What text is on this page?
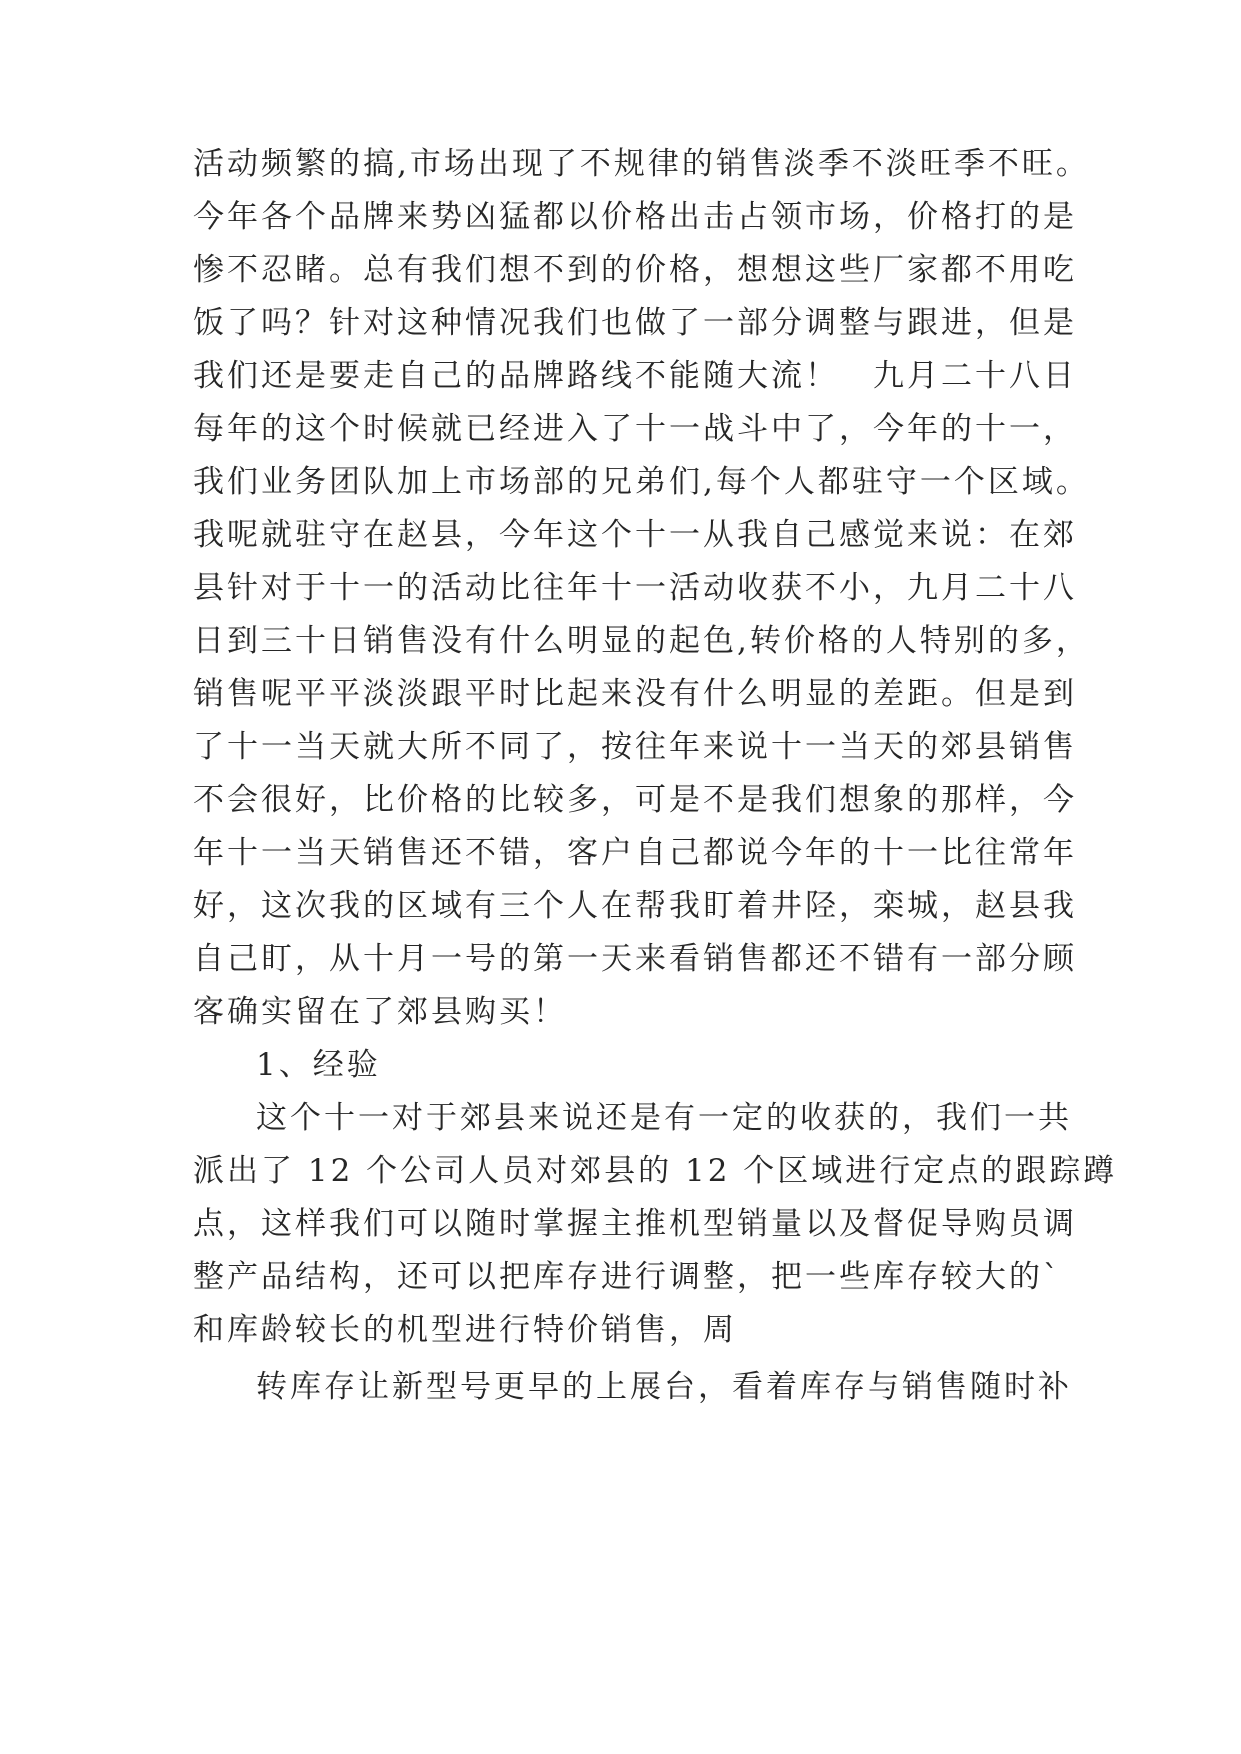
活动频繁的搞,市场出现了不规律的销售淡季不淡旺季不旺。
今年各个品牌来势凶猛都以价格出击占领市场，价格打的是
惨不忍睹。总有我们想不到的价格，想想这些厂家都不用吃
饭了吗？针对这种情况我们也做了一部分调整与跟进，但是
我们还是要走自己的品牌路线不能随大流！　九月二十八日
每年的这个时候就已经进入了十一战斗中了，今年的十一，
我们业务团队加上市场部的兄弟们,每个人都驻守一个区域。
我呢就驻守在赵县，今年这个十一从我自己感觉来说：在郊
县针对于十一的活动比往年十一活动收获不小，九月二十八
日到三十日销售没有什么明显的起色,转价格的人特别的多，
销售呢平平淡淡跟平时比起来没有什么明显的差距。但是到
了十一当天就大所不同了，按往年来说十一当天的郊县销售
不会很好，比价格的比较多，可是不是我们想象的那样，今
年十一当天销售还不错，客户自己都说今年的十一比往常年
好，这次我的区域有三个人在帮我盯着井陉，栾城，赵县我
自己盯，从十月一号的第一天来看销售都还不错有一部分顾
客确实留在了郊县购买！
1、经验
这个十一对于郊县来说还是有一定的收获的，我们一共
派出了 12 个公司人员对郊县的 12 个区域进行定点的跟踪蹲
点，这样我们可以随时掌握主推机型销量以及督促导购员调
整产品结构，还可以把库存进行调整，把一些库存较大的`
和库龄较长的机型进行特价销售，周
转库存让新型号更早的上展台，看着库存与销售随时补
